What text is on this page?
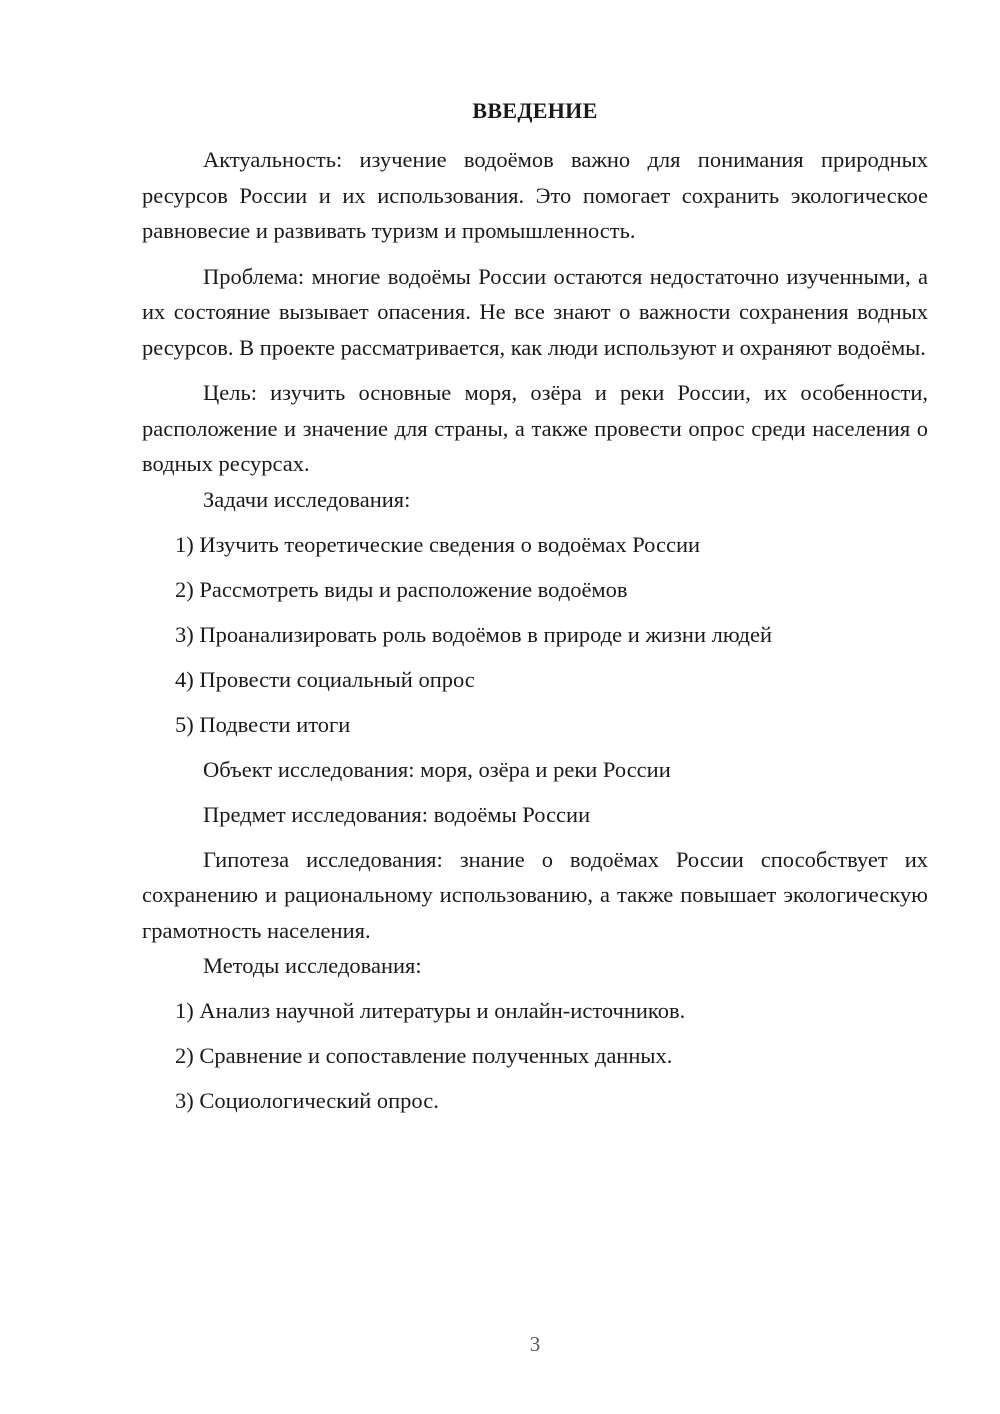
ВВЕДЕНИЕ

Актуальность: изучение водоёмов важно для понимания природных ресурсов России и их использования. Это помогает сохранить экологическое равновесие и развивать туризм и промышленность.

Проблема: многие водоёмы России остаются недостаточно изученными, а их состояние вызывает опасения. Не все знают о важности сохранения водных ресурсов. В проекте рассматривается, как люди используют и охраняют водоёмы.

Цель: изучить основные моря, озёра и реки России, их особенности, расположение и значение для страны, а также провести опрос среди населения о водных ресурсах.

Задачи исследования:

1) Изучить теоретические сведения о водоёмах России

2) Рассмотреть виды и расположение водоёмов

3) Проанализировать роль водоёмов в природе и жизни людей

4) Провести социальный опрос

5) Подвести итоги

Объект исследования: моря, озёра и реки России

Предмет исследования: водоёмы России

Гипотеза исследования: знание о водоёмах России способствует их сохранению и рациональному использованию, а также повышает экологическую грамотность населения.

Методы исследования:

1) Анализ научной литературы и онлайн-источников.

2) Сравнение и сопоставление полученных данных.

3) Социологический опрос.

3
